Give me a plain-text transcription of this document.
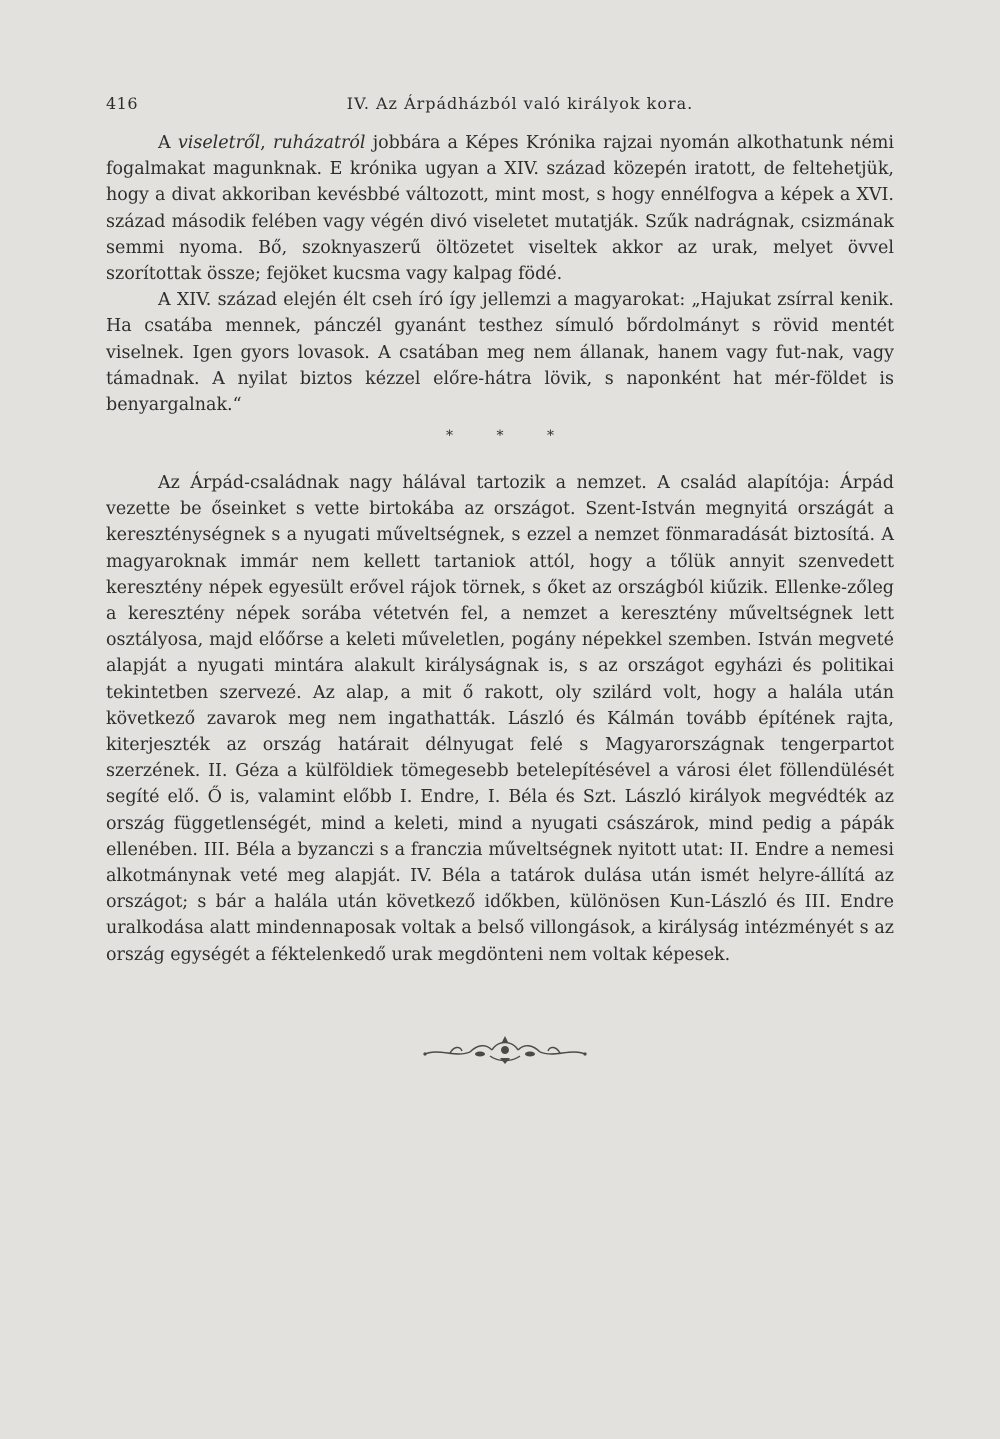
416	IV. Az Árpádházból való királyok kora.

A viseletről, ruházatról jobbára a Képes Krónika rajzai nyomán alkothatunk némi fogalmakat magunknak. E krónika ugyan a XIV. század közepén iratott, de feltehetjük, hogy a divat akkoriban kevésbbé változott, mint most, s hogy ennélfogva a képek a XVI. század második felében vagy végén divó viseletet mutatják. Szűk nadrágnak, csizmának semmi nyoma. Bő, szoknyaszerű öltözetet viseltek akkor az urak, melyet övvel szorítottak össze; fejöket kucsma vagy kalpag födé.

A XIV. század elején élt cseh író így jellemzi a magyarokat: „Hajukat zsírral kenik. Ha csatába mennek, pánczél gyanánt testhez símuló bőrdolmányt s rövid mentét viselnek. Igen gyors lovasok. A csatában meg nem állanak, hanem vagy fut-nak, vagy támadnak. A nyilat biztos kézzel előre-hátra lövik, s naponként hat mér-földet is benyargalnak.“

*	*	*

Az Árpád-családnak nagy hálával tartozik a nemzet. A család alapítója: Árpád vezette be őseinket s vette birtokába az országot. Szent-István megnyitá országát a kereszténységnek s a nyugati műveltségnek, s ezzel a nemzet fönmaradását biztosítá. A magyaroknak immár nem kellett tartaniok attól, hogy a tőlük annyit szenvedett keresztény népek egyesült erővel rájok törnek, s őket az országból kiűzik. Ellenke-zőleg a keresztény népek sorába vétetvén fel, a nemzet a keresztény műveltségnek lett osztályosa, majd előőrse a keleti műveletlen, pogány népekkel szemben. István megveté alapját a nyugati mintára alakult királyságnak is, s az országot egyházi és politikai tekintetben szervezé. Az alap, a mit ő rakott, oly szilárd volt, hogy a halála után következő zavarok meg nem ingathatták. László és Kálmán tovább építének rajta, kiterjeszték az ország határait délnyugat felé s Magyarországnak tengerpartot szerzének. II. Géza a külföldiek tömegesebb betelepítésével a városi élet föllendülését segíté elő. Ő is, valamint előbb I. Endre, I. Béla és Szt. László királyok megvédték az ország függetlenségét, mind a keleti, mind a nyugati császárok, mind pedig a pápák ellenében. III. Béla a byzanczi s a franczia műveltségnek nyitott utat: II. Endre a nemesi alkotmánynak veté meg alapját. IV. Béla a tatárok dulása után ismét helyre-állítá az országot; s bár a halála után következő időkben, különösen Kun-László és III. Endre uralkodása alatt mindennaposak voltak a belső villongások, a királyság intézményét s az ország egységét a féktelenkedő urak megdönteni nem voltak képesek.
